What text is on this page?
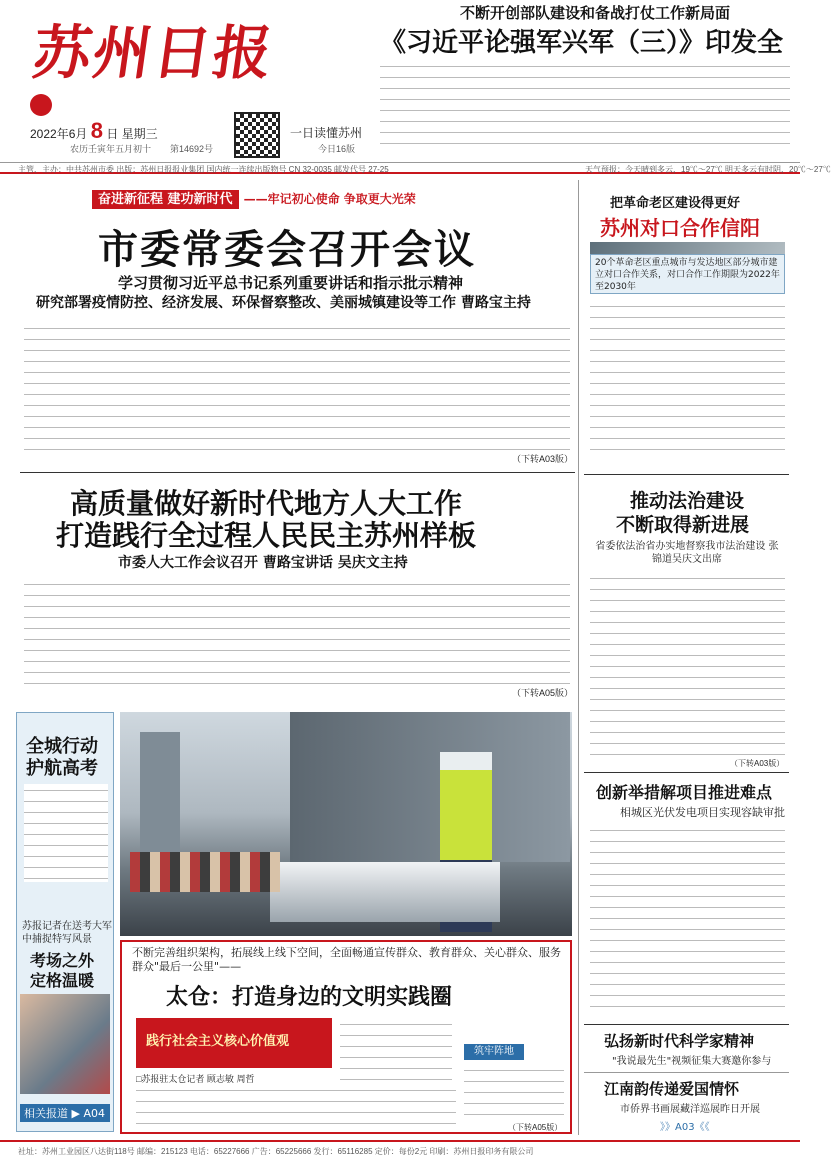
苏州日报
不断开创部队建设和备战打仗工作新局面
《习近平论强军兴军（三）》印发全
2022年6月 8 日 星期三
农历壬寅年五月初十 第14692号
一日读懂苏州
今日16版
主管、主办：中共苏州市委 出版：苏州日报报业集团 国内统一连续出版物号 CN 32-0035 邮发代号 27-25	天气预报：今天晴到多云，19℃～27℃ 明天多云有时阴，20℃～27℃
奋进新征程 建功新时代 ——牢记初心使命 争取更大光荣
市委常委会召开会议
学习贯彻习近平总书记系列重要讲话和指示批示精神
研究部署疫情防控、经济发展、环保督察整改、美丽城镇建设等工作 曹路宝主持
（下转A03版）
高质量做好新时代地方人大工作
打造践行全过程人民民主苏州样板
市委人大工作会议召开 曹路宝讲话 吴庆文主持
（下转A05版）
全城行动
护航高考
苏报记者在送考大军中捕捉特写风景
考场之外
定格温暖
相关报道 ▶ A04
不断完善组织架构，拓展线上线下空间，全面畅通宣传群众、教育群众、关心群众、服务群众"最后一公里"——
太仓：打造身边的文明实践圈
践行社会主义核心价值观
□苏报驻太仓记者 顾志敏 周哲
筑牢阵地
（下转A05版）
把革命老区建设得更好
苏州对口合作信阳
20个革命老区重点城市与发达地区部分城市建立对口合作关系，对口合作工作期限为2022年至2030年
推动法治建设
不断取得新进展
省委依法治省办实地督察我市法治建设 张锦道吴庆文出席
（下转A03版）
创新举措解项目推进难点
相城区光伏发电项目实现容缺审批
弘扬新时代科学家精神
"我说最先生"视频征集大赛邀你参与
江南韵传递爱国情怀
市侨界书画展藏洋巡展昨日开展
》》A03《《
社址：苏州工业园区八达街118号 邮编：215123 电话：65227666 广告：65225666 发行：65116285 定价：每份2元 印刷：苏州日报印务有限公司
